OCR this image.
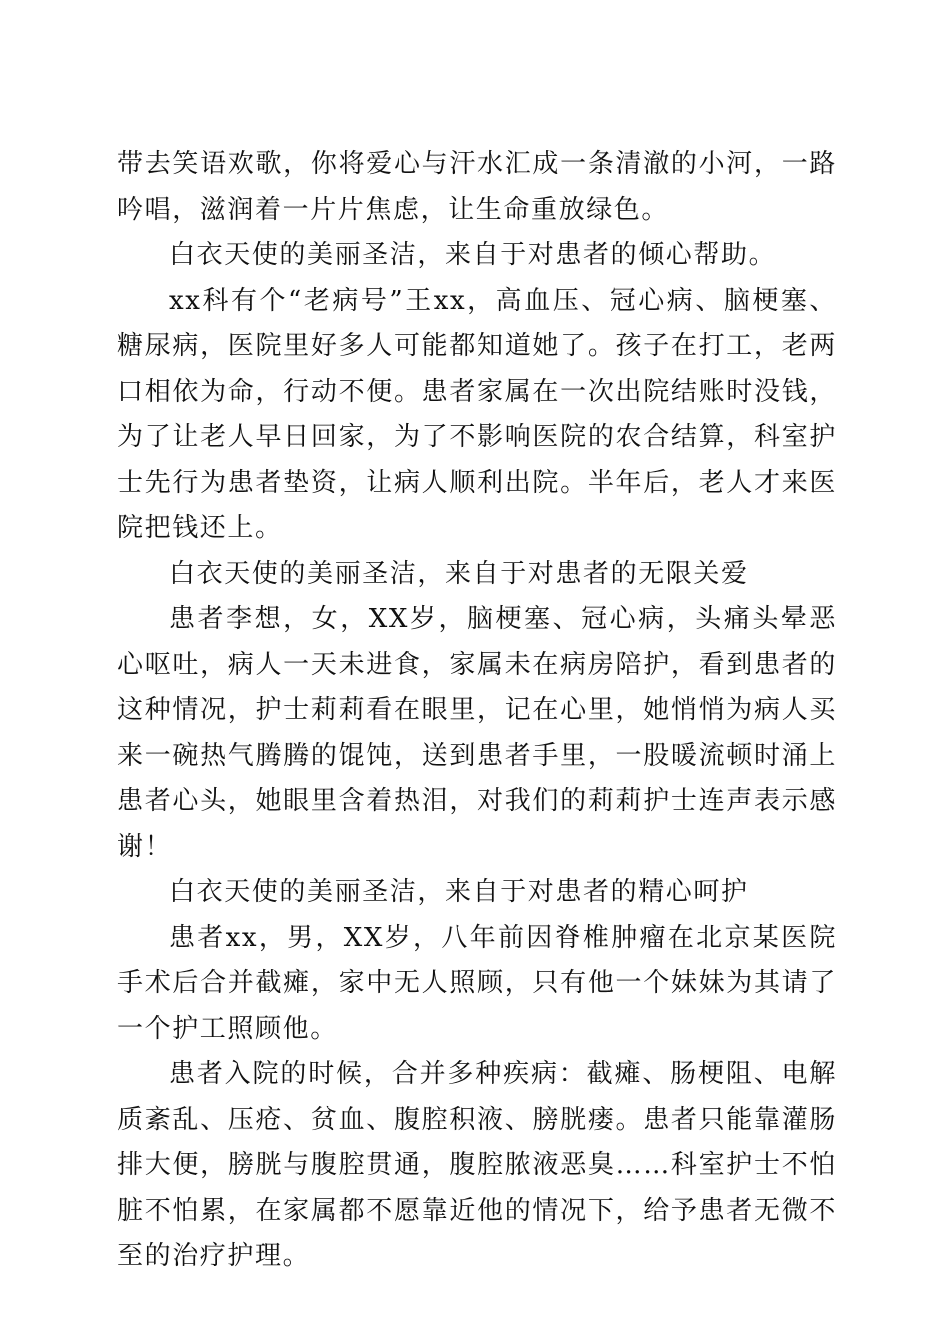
带去笑语欢歌，你将爱心与汗水汇成一条清澈的小河，一路吟唱，滋润着一片片焦虑，让生命重放绿色。

白衣天使的美丽圣洁，来自于对患者的倾心帮助。

xx科有个“老病号”王xx，高血压、冠心病、脑梗塞、糖尿病，医院里好多人可能都知道她了。孩子在打工，老两口相依为命，行动不便。患者家属在一次出院结账时没钱，为了让老人早日回家，为了不影响医院的农合结算，科室护士先行为患者垫资，让病人顺利出院。半年后，老人才来医院把钱还上。

白衣天使的美丽圣洁，来自于对患者的无限关爱

患者李想，女，XX岁，脑梗塞、冠心病，头痛头晕恶心呕吐，病人一天未进食，家属未在病房陪护，看到患者的这种情况，护士莉莉看在眼里，记在心里，她悄悄为病人买来一碗热气腾腾的馄饨，送到患者手里，一股暖流顿时涌上患者心头，她眼里含着热泪，对我们的莉莉护士连声表示感谢！

白衣天使的美丽圣洁，来自于对患者的精心呵护

患者xx，男，XX岁，八年前因脊椎肿瘤在北京某医院手术后合并截瘫，家中无人照顾，只有他一个妹妹为其请了一个护工照顾他。

患者入院的时候，合并多种疾病：截瘫、肠梗阻、电解质紊乱、压疮、贫血、腹腔积液、膀胱瘘。患者只能靠灌肠排大便，膀胱与腹腔贯通，腹腔脓液恶臭……科室护士不怕脏不怕累，在家属都不愿靠近他的情况下，给予患者无微不至的治疗护理。
